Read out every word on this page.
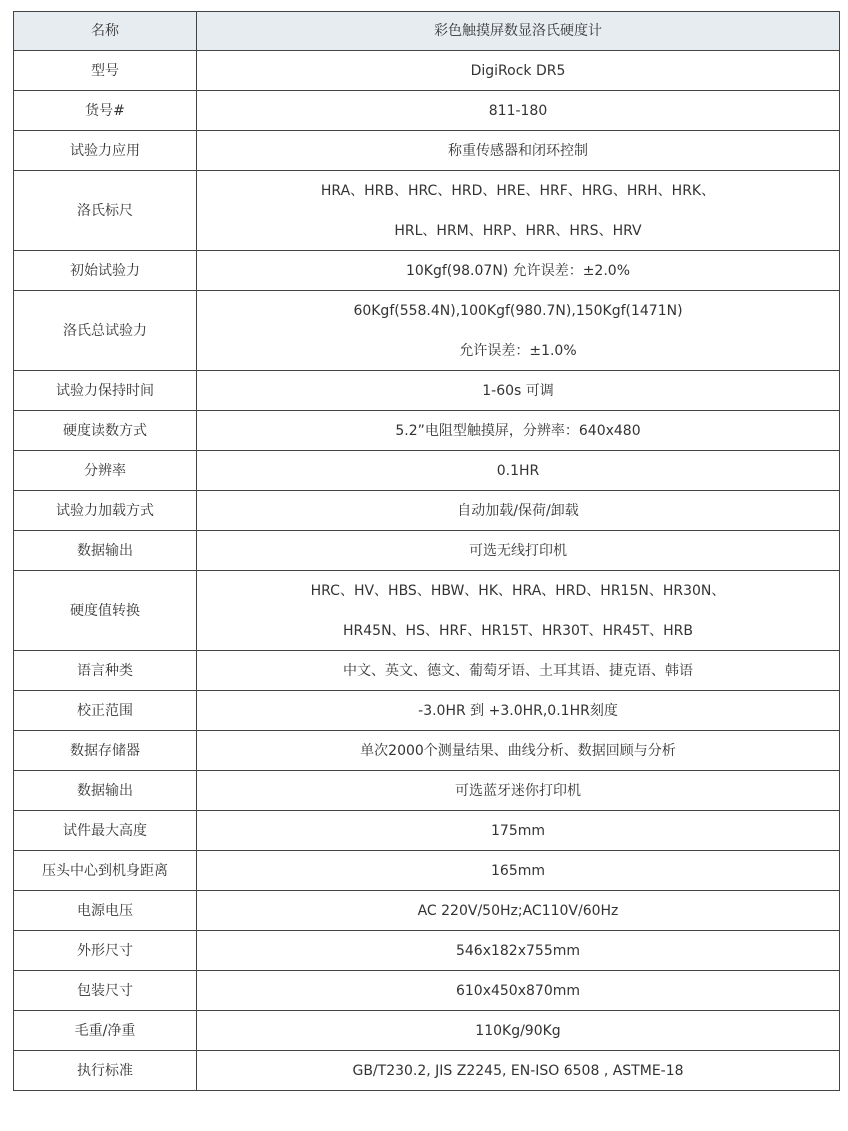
名称	彩色触摸屏数显洛氏硬度计
型号	DigiRock DR5

货号#	811-180

试验力应用	称重传感器和闭环控制

洛氏标尺	HRA、HRB、HRC、HRD、HRE、HRF、HRG、HRH、HRK、
HRL、HRM、HRP、HRR、HRS、HRV

初始试验力	10Kgf(98.07N) 允许误差：±2.0%

洛氏总试验力	60Kgf(558.4N),100Kgf(980.7N),150Kgf(1471N)
允许误差：±1.0%

试验力保持时间	1-60s 可调

硬度读数方式	5.2”电阻型触摸屏，分辨率：640x480

分辨率	0.1HR

试验力加载方式	自动加载/保荷/卸载

数据输出	可选无线打印机

硬度值转换	HRC、HV、HBS、HBW、HK、HRA、HRD、HR15N、HR30N、
HR45N、HS、HRF、HR15T、HR30T、HR45T、HRB

语言种类	中文、英文、德文、葡萄牙语、土耳其语、捷克语、韩语

校正范围	-3.0HR 到 +3.0HR,0.1HR刻度

数据存储器	单次2000个测量结果、曲线分析、数据回顾与分析

数据输出	可选蓝牙迷你打印机

试件最大高度	175mm

压头中心到机身距离	165mm

电源电压	AC 220V/50Hz;AC110V/60Hz

外形尺寸	546x182x755mm

包装尺寸	610x450x870mm

毛重/净重	110Kg/90Kg

执行标准	GB/T230.2, JIS Z2245, EN-ISO 6508 , ASTME-18
